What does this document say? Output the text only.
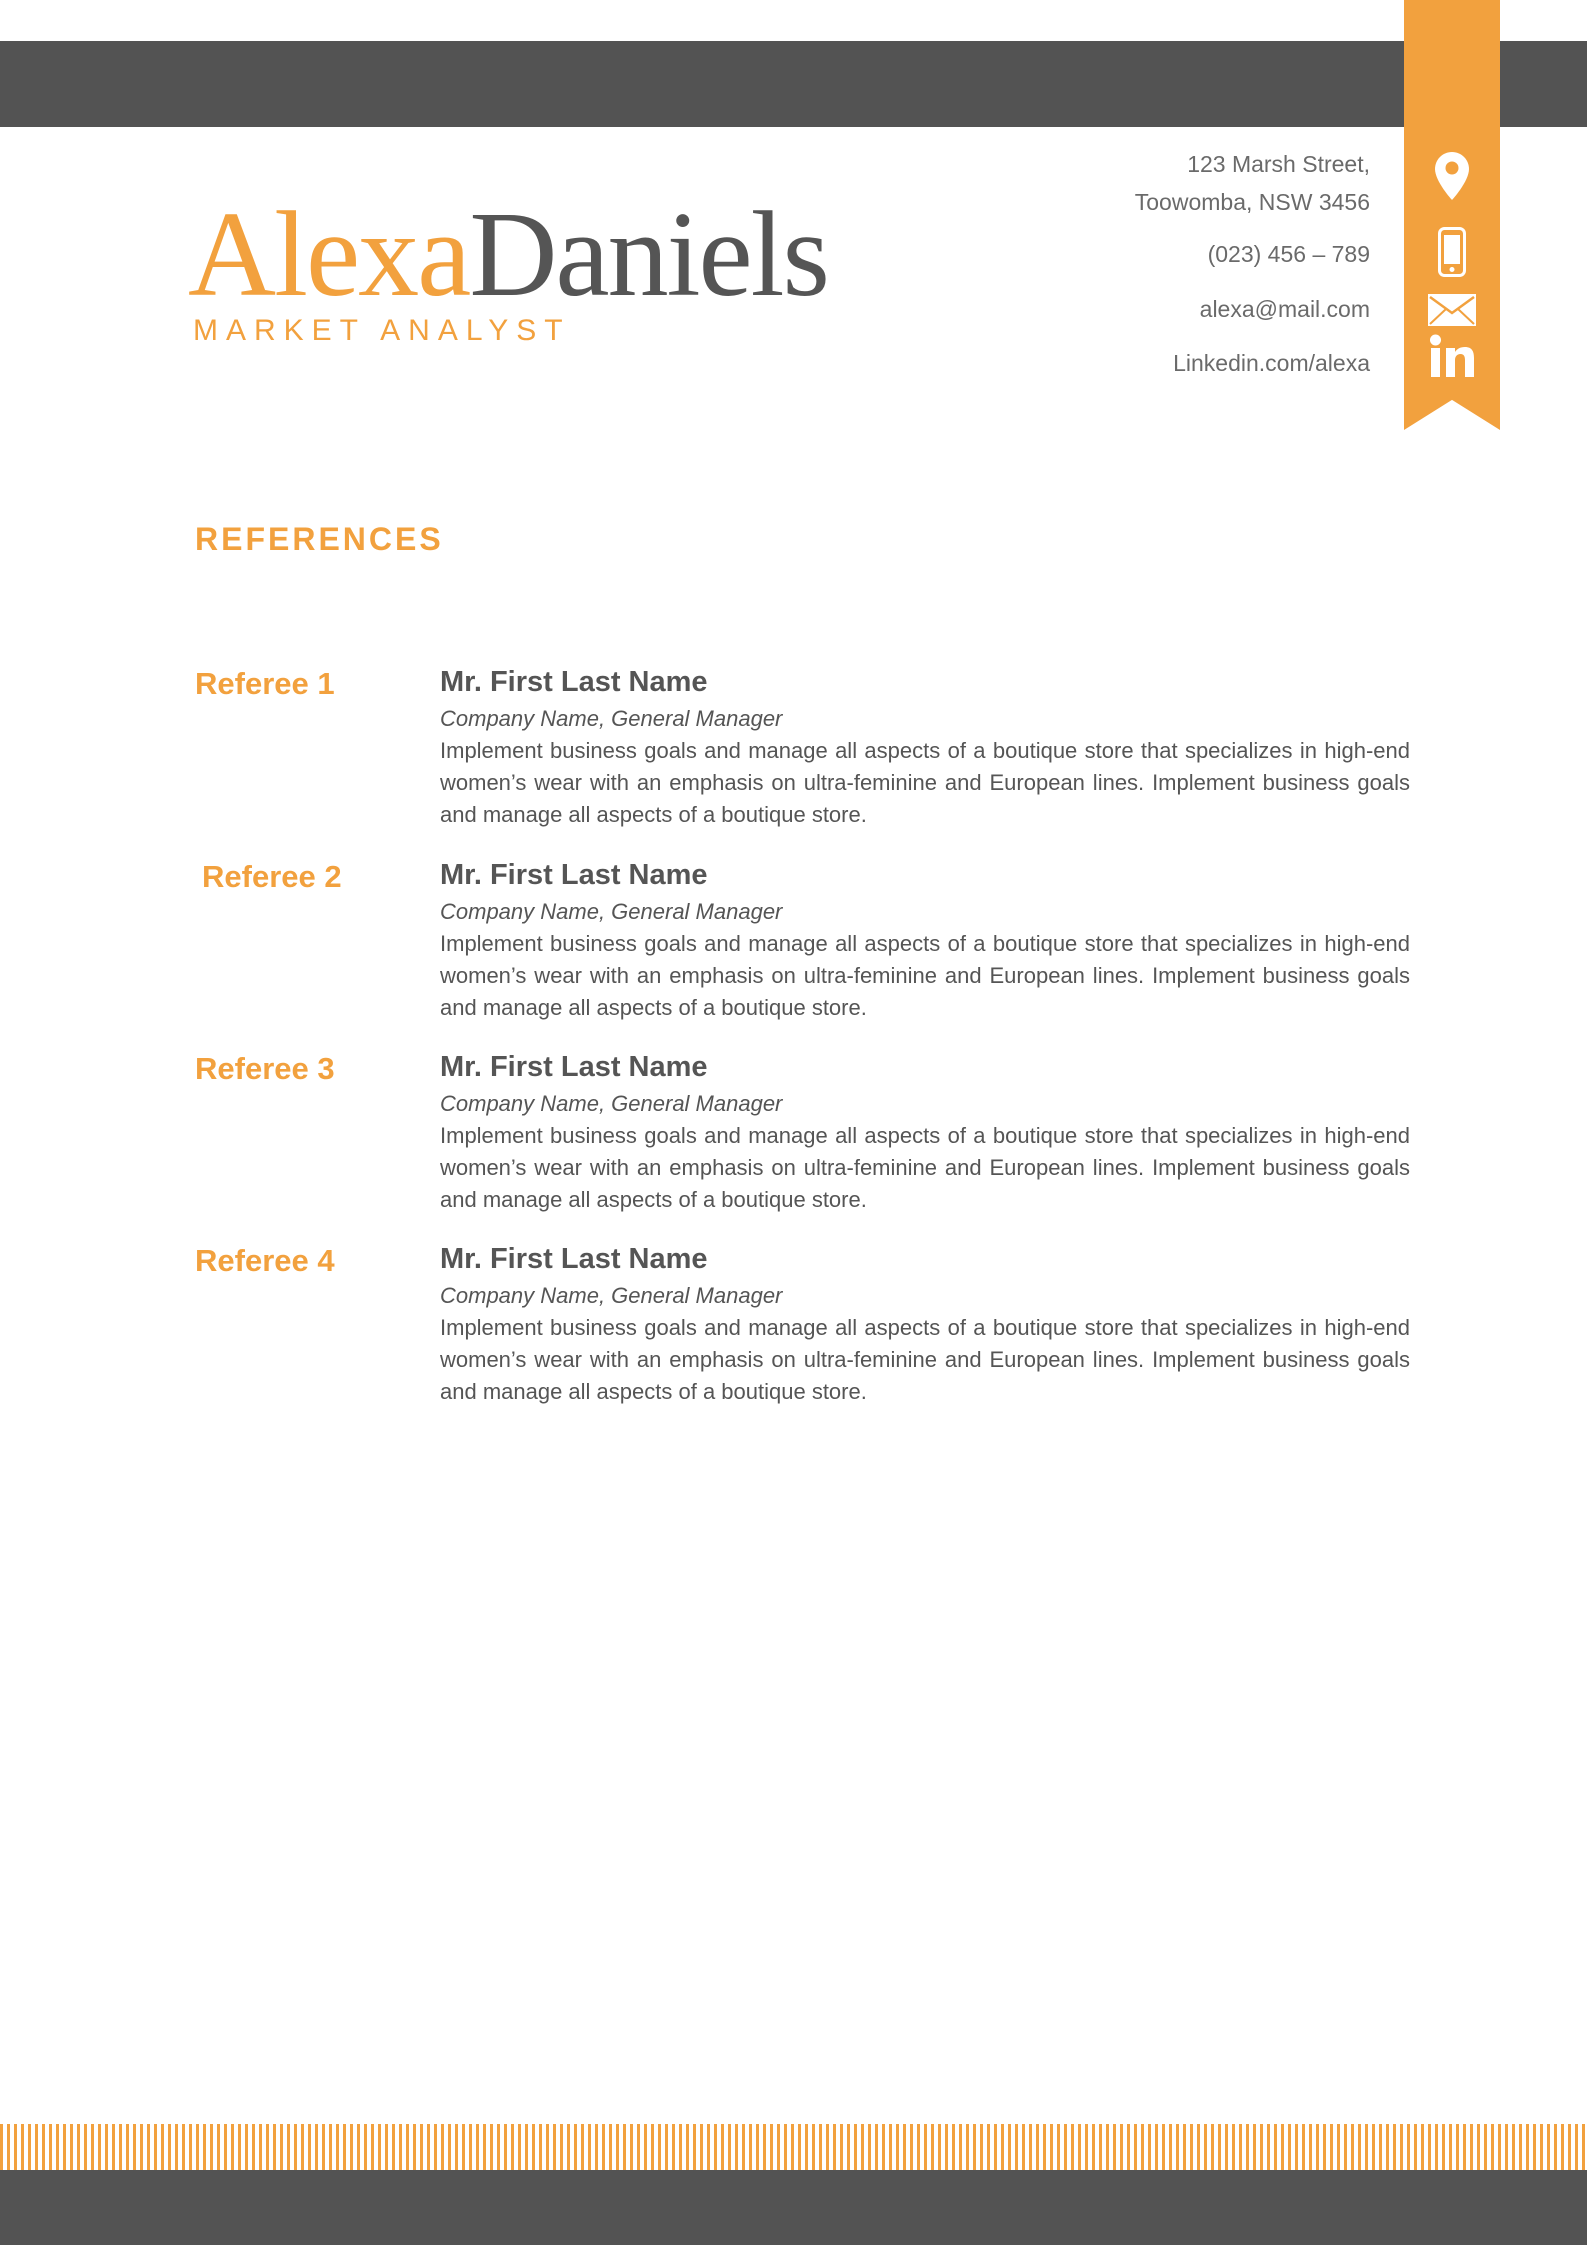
AlexaDaniels
MARKET ANALYST
123 Marsh Street,
Toowomba, NSW 3456
(023) 456 – 789
alexa@mail.com
Linkedin.com/alexa
REFERENCES
Referee 1	Mr. First Last Name
Company Name, General Manager
Implement business goals and manage all aspects of a boutique store that specializes in high-end women’s wear with an emphasis on ultra-feminine and European lines. Implement business goals and manage all aspects of a boutique store.
Referee 2	Mr. First Last Name
Company Name, General Manager
Implement business goals and manage all aspects of a boutique store that specializes in high-end women’s wear with an emphasis on ultra-feminine and European lines. Implement business goals and manage all aspects of a boutique store.
Referee 3	Mr. First Last Name
Company Name, General Manager
Implement business goals and manage all aspects of a boutique store that specializes in high-end women’s wear with an emphasis on ultra-feminine and European lines. Implement business goals and manage all aspects of a boutique store.
Referee 4	Mr. First Last Name
Company Name, General Manager
Implement business goals and manage all aspects of a boutique store that specializes in high-end women’s wear with an emphasis on ultra-feminine and European lines. Implement business goals and manage all aspects of a boutique store.
